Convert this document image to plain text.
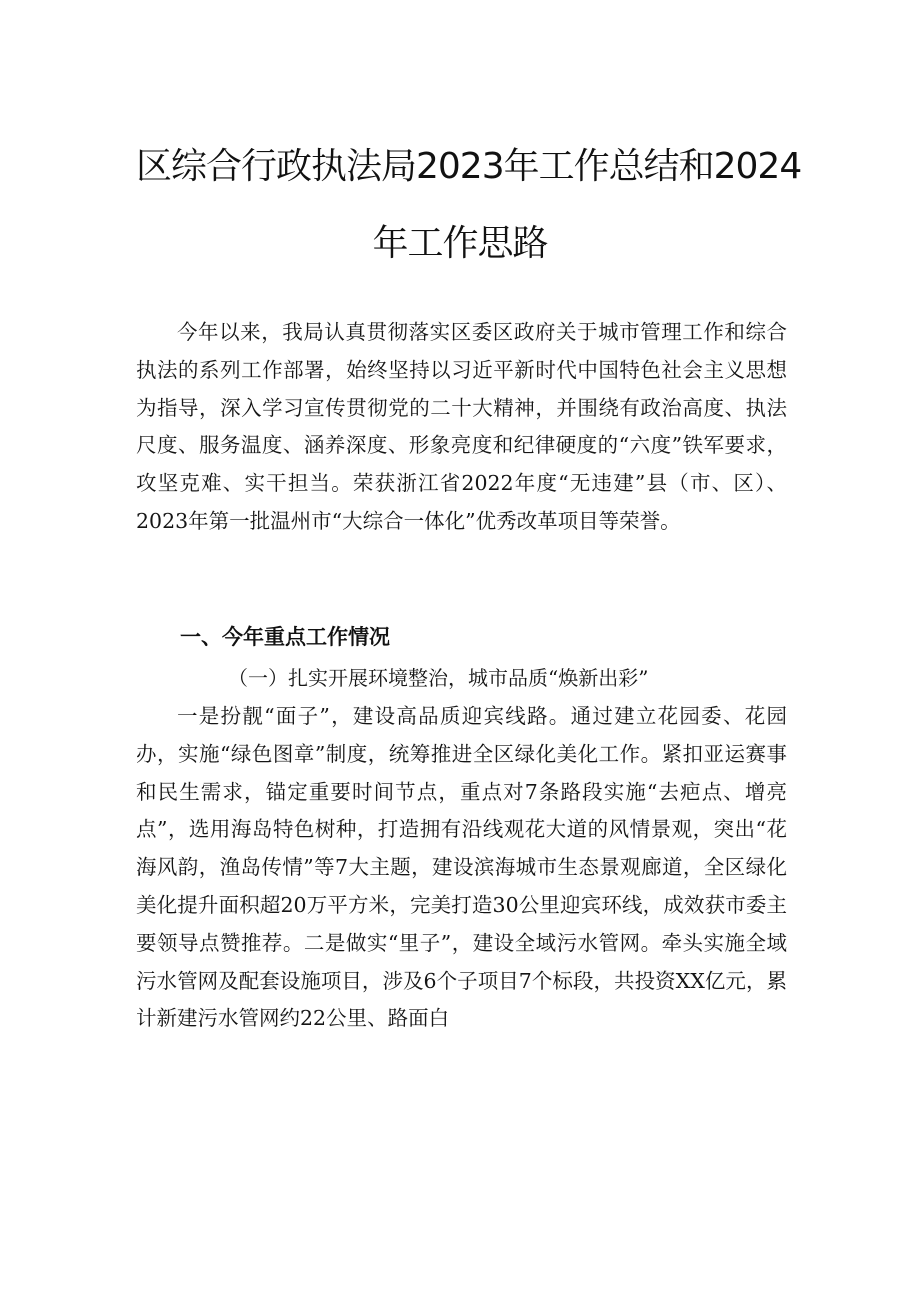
区综合行政执法局2023年工作总结和2024
年工作思路

今年以来，我局认真贯彻落实区委区政府关于城市管理工作和综合执法的系列工作部署，始终坚持以习近平新时代中国特色社会主义思想为指导，深入学习宣传贯彻党的二十大精神，并围绕有政治高度、执法尺度、服务温度、涵养深度、形象亮度和纪律硬度的“六度”铁军要求，攻坚克难、实干担当。荣获浙江省2022年度“无违建”县（市、区）、2023年第一批温州市“大综合一体化”优秀改革项目等荣誉。

一、今年重点工作情况
（一）扎实开展环境整治，城市品质“焕新出彩”

一是扮靓“面子”，建设高品质迎宾线路。通过建立花园委、花园办，实施“绿色图章”制度，统筹推进全区绿化美化工作。紧扣亚运赛事和民生需求，锚定重要时间节点，重点对7条路段实施“去疤点、增亮点”，选用海岛特色树种，打造拥有沿线观花大道的风情景观，突出“花海风韵，渔岛传情”等7大主题，建设滨海城市生态景观廊道，全区绿化美化提升面积超20万平方米，完美打造30公里迎宾环线，成效获市委主要领导点赞推荐。二是做实“里子”，建设全域污水管网。牵头实施全域污水管网及配套设施项目，涉及6个子项目7个标段，共投资XX亿元，累计新建污水管网约22公里、路面白
